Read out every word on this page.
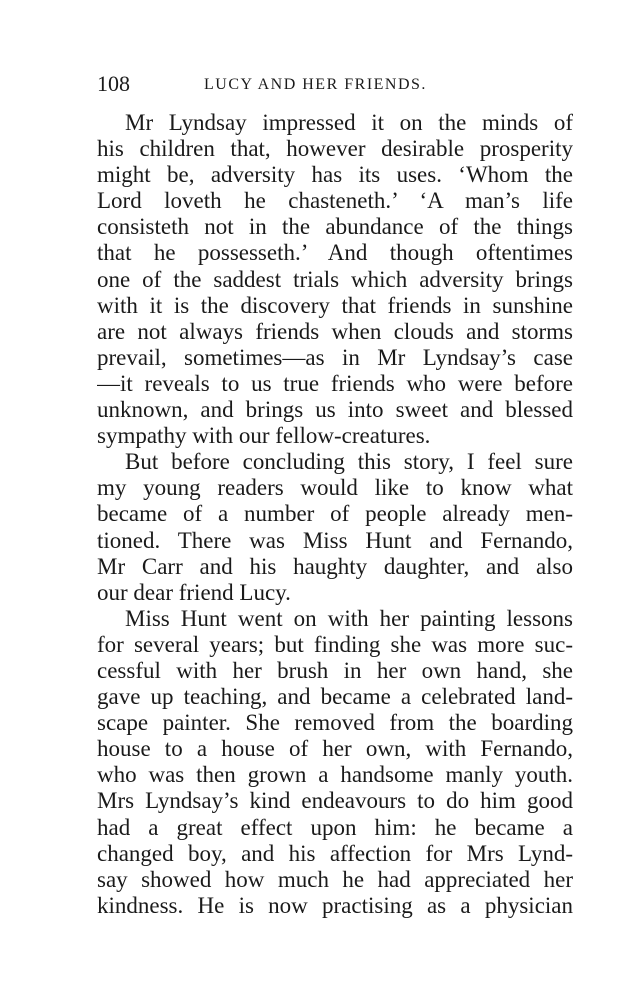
108	LUCY AND HER FRIENDS.
Mr Lyndsay impressed it on the minds of
his children that, however desirable prosperity
might be, adversity has its uses. ‘Whom the
Lord loveth he chasteneth.’ ‘A man’s life
consisteth not in the abundance of the things
that he possesseth.’ And though oftentimes
one of the saddest trials which adversity brings
with it is the discovery that friends in sunshine
are not always friends when clouds and storms
prevail, sometimes—as in Mr Lyndsay’s case
—it reveals to us true friends who were before
unknown, and brings us into sweet and blessed
sympathy with our fellow-creatures.
But before concluding this story, I feel sure
my young readers would like to know what
became of a number of people already men-
tioned. There was Miss Hunt and Fernando,
Mr Carr and his haughty daughter, and also
our dear friend Lucy.
Miss Hunt went on with her painting lessons
for several years; but finding she was more suc-
cessful with her brush in her own hand, she
gave up teaching, and became a celebrated land-
scape painter. She removed from the boarding
house to a house of her own, with Fernando,
who was then grown a handsome manly youth.
Mrs Lyndsay’s kind endeavours to do him good
had a great effect upon him: he became a
changed boy, and his affection for Mrs Lynd-
say showed how much he had appreciated her
kindness. He is now practising as a physician
